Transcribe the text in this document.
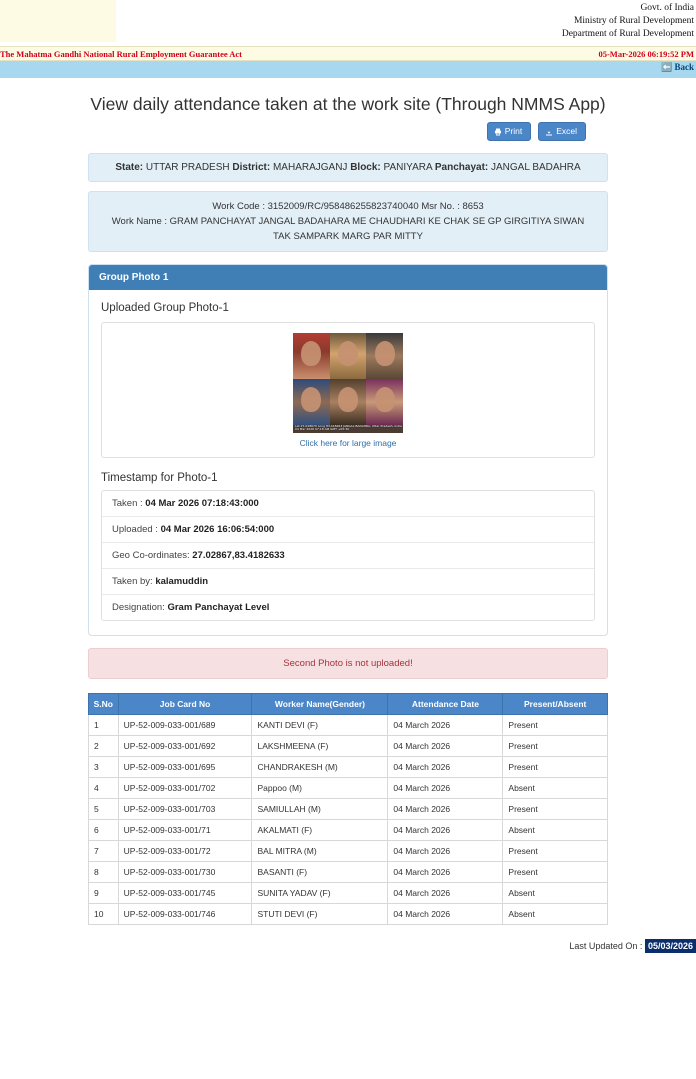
Govt. of India
Ministry of Rural Development
Department of Rural Development
The Mahatma Gandhi National Rural Employment Guarantee Act	05-Mar-2026 06:19:52 PM
⬅️ Back
View daily attendance taken at the work site (Through NMMS App)
Print	Excel
State: UTTAR PRADESH District: MAHARAJGANJ Block: PANIYARA Panchayat: JANGAL BADAHRA
Work Code : 3152009/RC/958486255823740040 Msr No. : 8653
Work Name : GRAM PANCHAYAT JANGAL BADAHARA ME CHAUDHARI KE CHAK SE GP GIRGITIYA SIWAN TAK SAMPARK MARG PAR MITTY
Group Photo 1
Uploaded Group Photo-1
Lat 27.028670 Long 83.418263 JANGAL BADAHRA, Uttar Pradesh, India 04 Mar 2026 07:18 AM GMT +05:30
Click here for large image
Timestamp for Photo-1
Taken : 04 Mar 2026 07:18:43:000
Uploaded : 04 Mar 2026 16:06:54:000
Geo Co-ordinates: 27.02867,83.4182633
Taken by: kalamuddin
Designation: Gram Panchayat Level
Second Photo is not uploaded!
S.No	Job Card No	Worker Name(Gender)	Attendance Date	Present/Absent
1	UP-52-009-033-001/689	KANTI DEVI (F)	04 March 2026	Present
2	UP-52-009-033-001/692	LAKSHMEENA (F)	04 March 2026	Present
3	UP-52-009-033-001/695	CHANDRAKESH (M)	04 March 2026	Present
4	UP-52-009-033-001/702	Pappoo (M)	04 March 2026	Absent
5	UP-52-009-033-001/703	SAMIULLAH (M)	04 March 2026	Present
6	UP-52-009-033-001/71	AKALMATI (F)	04 March 2026	Absent
7	UP-52-009-033-001/72	BAL MITRA (M)	04 March 2026	Present
8	UP-52-009-033-001/730	BASANTI (F)	04 March 2026	Present
9	UP-52-009-033-001/745	SUNITA YADAV (F)	04 March 2026	Absent
10	UP-52-009-033-001/746	STUTI DEVI (F)	04 March 2026	Absent
Last Updated On : 05/03/2026
